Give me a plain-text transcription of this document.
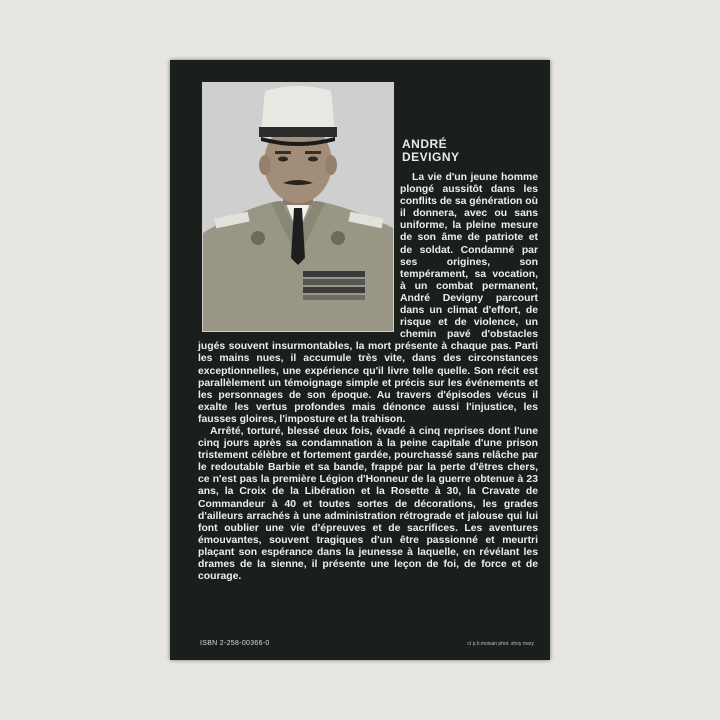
ANDRÉ
DEVIGNY

La vie d'un jeune homme plongé aussitôt dans les conflits de sa génération où il donnera, avec ou sans uniforme, la pleine mesure de son âme de patriote et de soldat. Condamné par ses origines, son tempérament, sa vocation, à un combat permanent, André Devigny parcourt dans un climat d'effort, de risque et de violence, un chemin pavé d'obstacles jugés souvent insurmontables, la mort présente à chaque pas. Parti les mains nues, il accumule très vite, dans des circonstances exceptionnelles, une expérience qu'il livre telle quelle. Son récit est parallèlement un témoignage simple et précis sur les événements et les personnages de son époque. Au travers d'épisodes vécus il exalte les vertus profondes mais dénonce aussi l'injustice, les fausses gloires, l'imposture et la trahison.

Arrêté, torturé, blessé deux fois, évadé à cinq reprises dont l'une cinq jours après sa condamnation à la peine capitale d'une prison tristement célèbre et fortement gardée, pourchassé sans relâche par le redoutable Barbie et sa bande, frappé par la perte d'êtres chers, ce n'est pas la première Légion d'Honneur de la guerre obtenue à 23 ans, la Croix de la Libération et la Rosette à 30, la Cravate de Commandeur à 40 et toutes sortes de décorations, les grades d'ailleurs arrachés à une administration rétrograde et jalouse qui lui font oublier une vie d'épreuves et de sacrifices. Les aventures émouvantes, souvent tragiques d'un être passionné et meurtri plaçant son espérance dans la jeunesse à laquelle, en révélant les drames de la sienne, il présente une leçon de foi, de force et de courage.

ISBN 2-258-00366-0	ct p.h.moisan phot. shoy mary
